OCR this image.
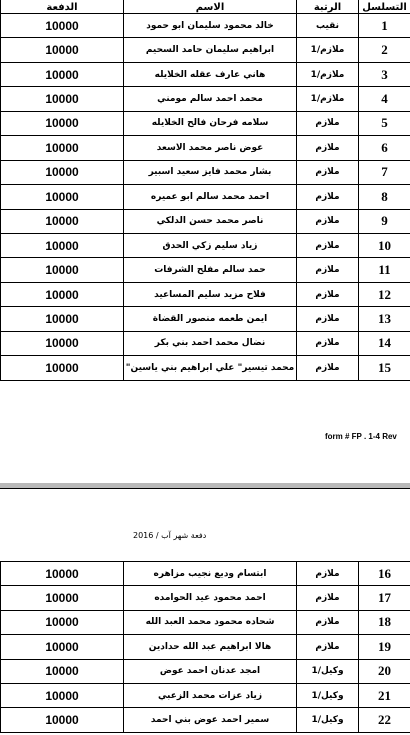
الدفعة	الاسم	الرتبة	التسلسل
10000	خالد محمود سليمان ابو حمود	نقيب	1
10000	ابراهيم سليمان حامد السحيم	ملازم/1	2
10000	هاني عارف عقله الخلايله	ملازم/1	3
10000	محمد احمد سالم مومني	ملازم/1	4
10000	سلامه فرحان فالح الخلايله	ملازم	5
10000	عوض ناصر محمد الاسعد	ملازم	6
10000	بشار محمد فايز سعيد اسبير	ملازم	7
10000	احمد محمد سالم ابو عميره	ملازم	8
10000	ناصر محمد حسن الدلكي	ملازم	9
10000	زياد سليم زكي الحدق	ملازم	10
10000	حمد سالم مفلح الشرفات	ملازم	11
10000	فلاح مزيد سليم المساعيد	ملازم	12
10000	ايمن طعمه منصور القضاة	ملازم	13
10000	نضال محمد احمد بني بكر	ملازم	14
10000	محمد تيسير" علي ابراهيم بني ياسين"	ملازم	15
form # FP . 1-4 Rev
دفعة شهر آب / 2016
10000	ابتسام وديع نجيب مزاهره	ملازم	16
10000	احمد محمود عيد الحوامده	ملازم	17
10000	شحاده محمود محمد العبد الله	ملازم	18
10000	هالا ابراهيم عبد الله حدادين	ملازم	19
10000	امجد عدنان احمد عوض	وكيل/1	20
10000	زياد عزات محمد الزعبي	وكيل/1	21
10000	سمير احمد عوض بني احمد	وكيل/1	22
